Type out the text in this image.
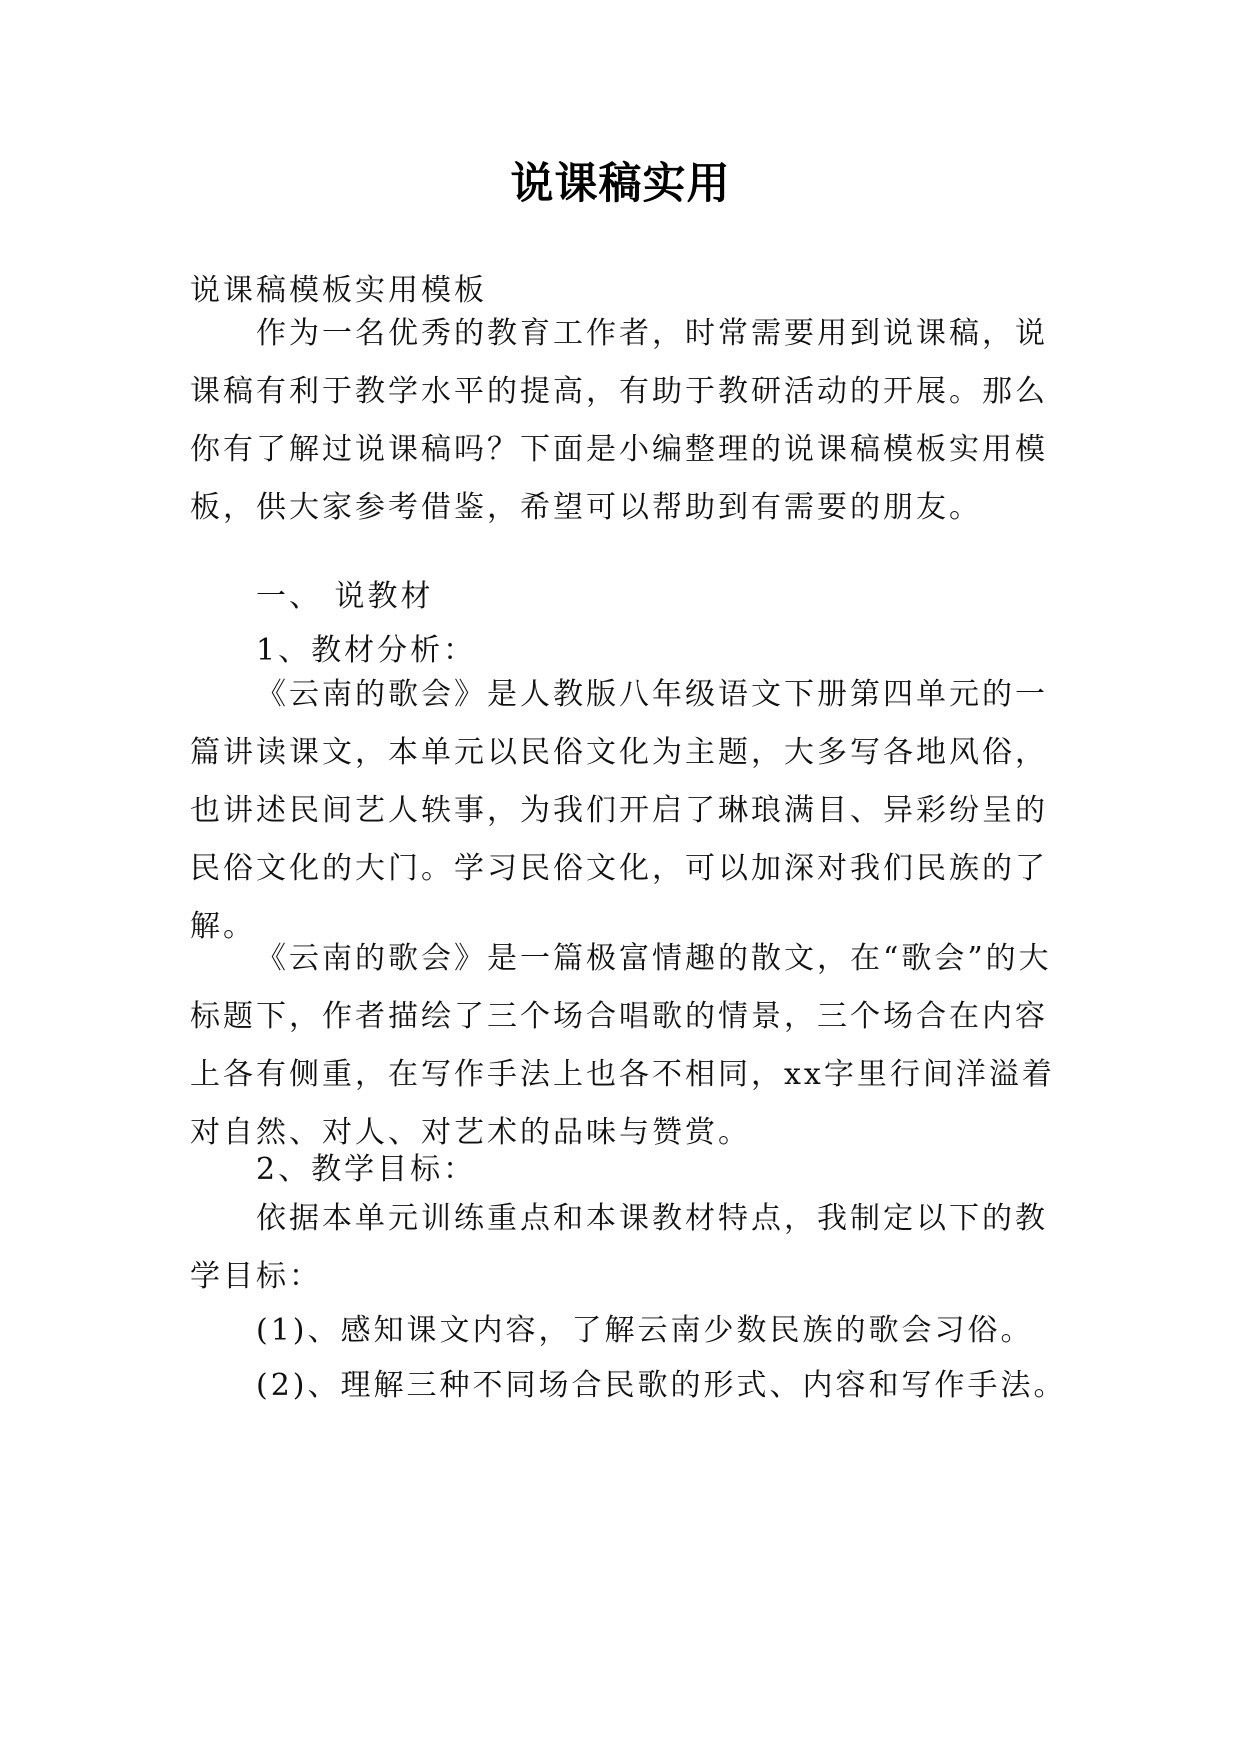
说课稿实用
说课稿模板实用模板

作为一名优秀的教育工作者，时常需要用到说课稿，说课稿有利于教学水平的提高，有助于教研活动的开展。那么你有了解过说课稿吗？下面是小编整理的说课稿模板实用模板，供大家参考借鉴，希望可以帮助到有需要的朋友。

一、 说教材
1、教材分析：

《云南的歌会》是人教版八年级语文下册第四单元的一篇讲读课文，本单元以民俗文化为主题，大多写各地风俗，也讲述民间艺人轶事，为我们开启了琳琅满目、异彩纷呈的民俗文化的大门。学习民俗文化，可以加深对我们民族的了解。

《云南的歌会》是一篇极富情趣的散文，在“歌会”的大标题下，作者描绘了三个场合唱歌的情景，三个场合在内容上各有侧重，在写作手法上也各不相同，xx字里行间洋溢着对自然、对人、对艺术的品味与赞赏。

2、教学目标：

依据本单元训练重点和本课教材特点，我制定以下的教学目标：

(1)、感知课文内容，了解云南少数民族的歌会习俗。
(2)、理解三种不同场合民歌的形式、内容和写作手法。
